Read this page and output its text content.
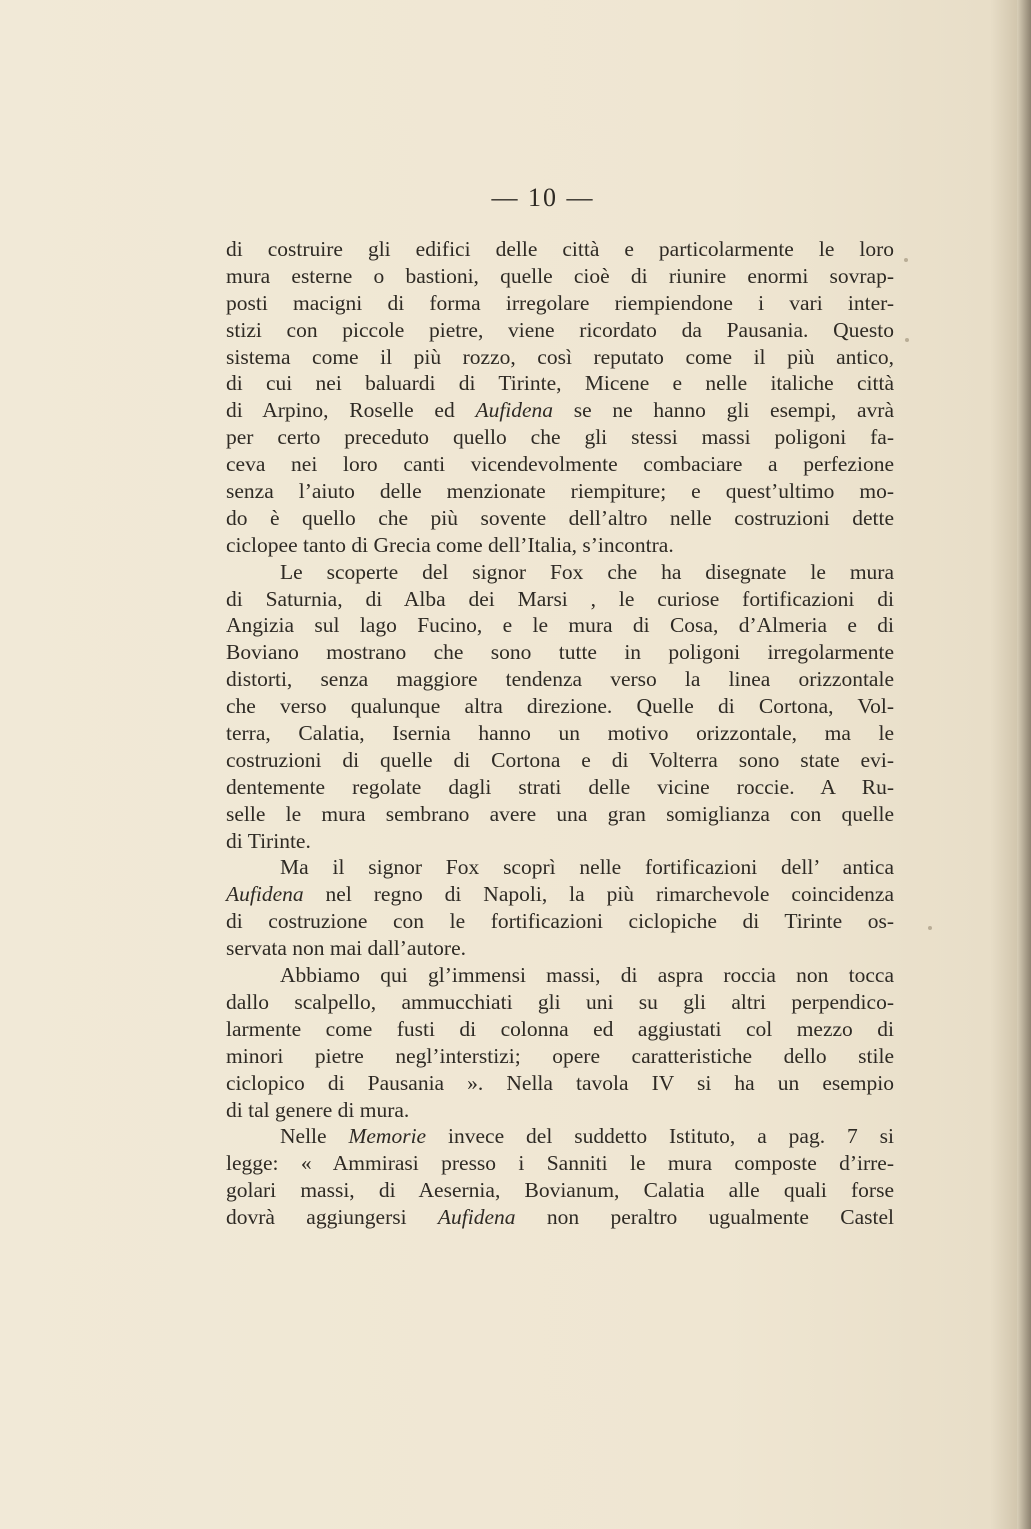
— 10 —
di costruire gli edifici delle città e particolarmente le loro
mura esterne o bastioni, quelle cioè di riunire enormi sovrap-
posti macigni di forma irregolare riempiendone i vari inter-
stizi con piccole pietre, viene ricordato da Pausania. Questo
sistema come il più rozzo, così reputato come il più antico,
di cui nei baluardi di Tirinte, Micene e nelle italiche città
di Arpino, Roselle ed Aufidena se ne hanno gli esempi, avrà
per certo preceduto quello che gli stessi massi poligoni fa-
ceva nei loro canti vicendevolmente combaciare a perfezione
senza l’aiuto delle menzionate riempiture; e quest’ultimo mo-
do è quello che più sovente dell’altro nelle costruzioni dette
ciclopee tanto di Grecia come dell’Italia, s’incontra.
Le scoperte del signor Fox che ha disegnate le mura
di Saturnia, di Alba dei Marsi , le curiose fortificazioni di
Angizia sul lago Fucino, e le mura di Cosa, d’Almeria e di
Boviano mostrano che sono tutte in poligoni irregolarmente
distorti, senza maggiore tendenza verso la linea orizzontale
che verso qualunque altra direzione. Quelle di Cortona, Vol-
terra, Calatia, Isernia hanno un motivo orizzontale, ma le
costruzioni di quelle di Cortona e di Volterra sono state evi-
dentemente regolate dagli strati delle vicine roccie. A Ru-
selle le mura sembrano avere una gran somiglianza con quelle
di Tirinte.
Ma il signor Fox scoprì nelle fortificazioni dell’ antica
Aufidena nel regno di Napoli, la più rimarchevole coincidenza
di costruzione con le fortificazioni ciclopiche di Tirinte os-
servata non mai dall’autore.
Abbiamo qui gl’immensi massi, di aspra roccia non tocca
dallo scalpello, ammucchiati gli uni su gli altri perpendico-
larmente come fusti di colonna ed aggiustati col mezzo di
minori pietre negl’interstizi; opere caratteristiche dello stile
ciclopico di Pausania ». Nella tavola IV si ha un esempio
di tal genere di mura.
Nelle Memorie invece del suddetto Istituto, a pag. 7 si
legge: « Ammirasi presso i Sanniti le mura composte d’irre-
golari massi, di Aesernia, Bovianum, Calatia alle quali forse
dovrà aggiungersi Aufidena non peraltro ugualmente Castel
